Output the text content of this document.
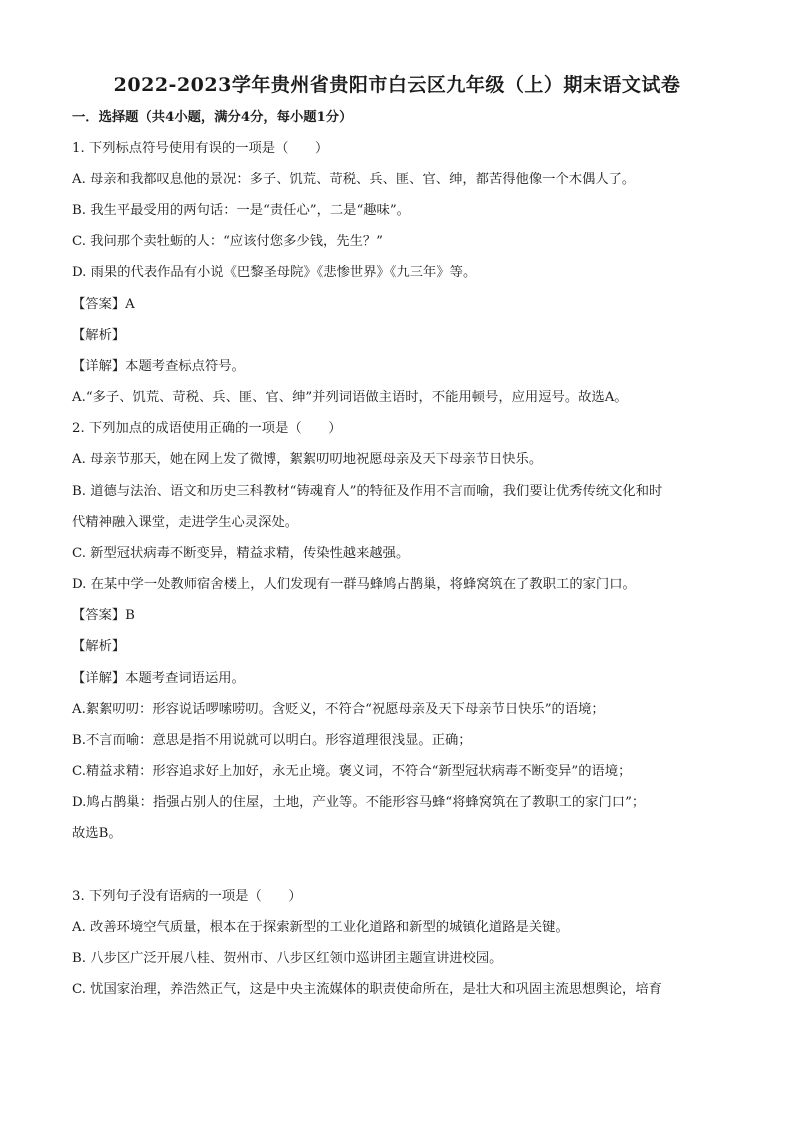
2022-2023学年贵州省贵阳市白云区九年级（上）期末语文试卷
一．选择题（共4小题，满分4分，每小题1分）
1. 下列标点符号使用有误的一项是（　　）
A. 母亲和我都叹息他的景况：多子、饥荒、苛税、兵、匪、官、绅，都苦得他像一个木偶人了。
B. 我生平最受用的两句话：一是“责任心”，二是“趣味”。
C. 我问那个卖牡蛎的人：“应该付您多少钱，先生？”
D. 雨果的代表作品有小说《巴黎圣母院》《悲惨世界》《九三年》等。
【答案】A
【解析】
【详解】本题考查标点符号。
A.“多子、饥荒、苛税、兵、匪、官、绅”并列词语做主语时，不能用顿号，应用逗号。故选A。
2. 下列加点的成语使用正确的一项是（　　）
A. 母亲节那天，她在网上发了微博，絮絮叨叨地祝愿母亲及天下母亲节日快乐。
B. 道德与法治、语文和历史三科教材“铸魂育人”的特征及作用不言而喻，我们要让优秀传统文化和时
代精神融入课堂，走进学生心灵深处。
C. 新型冠状病毒不断变异，精益求精，传染性越来越强。
D. 在某中学一处教师宿舍楼上，人们发现有一群马蜂鸠占鹊巢，将蜂窝筑在了教职工的家门口。
【答案】B
【解析】
【详解】本题考查词语运用。
A.絮絮叨叨：形容说话啰嗦唠叨。含贬义，不符合“祝愿母亲及天下母亲节日快乐”的语境；
B.不言而喻：意思是指不用说就可以明白。形容道理很浅显。正确；
C.精益求精：形容追求好上加好，永无止境。褒义词，不符合“新型冠状病毒不断变异”的语境；
D.鸠占鹊巢：指强占别人的住屋，土地，产业等。不能形容马蜂“将蜂窝筑在了教职工的家门口”；
故选B。
3. 下列句子没有语病的一项是（　　）
A. 改善环境空气质量，根本在于探索新型的工业化道路和新型的城镇化道路是关键。
B. 八步区广泛开展八桂、贺州市、八步区红领巾巡讲团主题宣讲进校园。
C. 忧国家治理，养浩然正气，这是中央主流媒体的职责使命所在，是壮大和巩固主流思想舆论，培育
